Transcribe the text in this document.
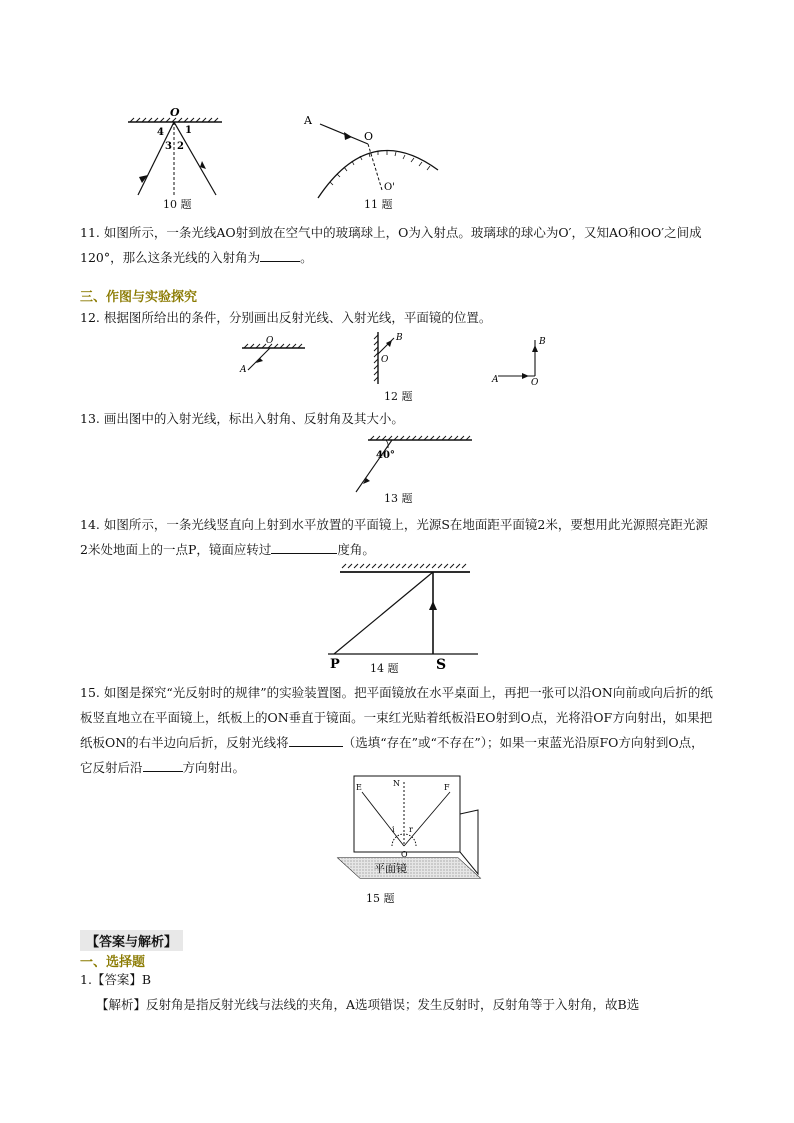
O
4 1
3 2
10 题
A
O
O'
11 题
11. 如图所示，一条光线AO射到放在空气中的玻璃球上，O为入射点。玻璃球的球心为O′，又知AO和OO′之间成120°，那么这条光线的入射角为	。
三、作图与实验探究
12. 根据图所给出的条件，分别画出反射光线、入射光线，平面镜的位置。
O
A
B
O
B
A	O
12 题
13. 画出图中的入射光线，标出入射角、反射角及其大小。
40°
13 题
14. 如图所示，一条光线竖直向上射到水平放置的平面镜上，光源S在地面距平面镜2米，要想用此光源照亮距光源2米处地面上的一点P，镜面应转过	度角。
P	S
14 题
15. 如图是探究“光反射时的规律”的实验装置图。把平面镜放在水平桌面上，再把一张可以沿ON向前或向后折的纸板竖直地立在平面镜上，纸板上的ON垂直于镜面。一束红光贴着纸板沿EO射到O点，光将沿OF方向射出，如果把纸板ON的右半边向后折，反射光线将	（选填“存在”或“不存在”）；如果一束蓝光沿原FO方向射到O点，它反射后沿	方向射出。
N
E	F
i r
O
平面镜
15 题
【答案与解析】
一、选择题
1.【答案】B
【解析】反射角是指反射光线与法线的夹角，A选项错误；发生反射时，反射角等于入射角，故B选
